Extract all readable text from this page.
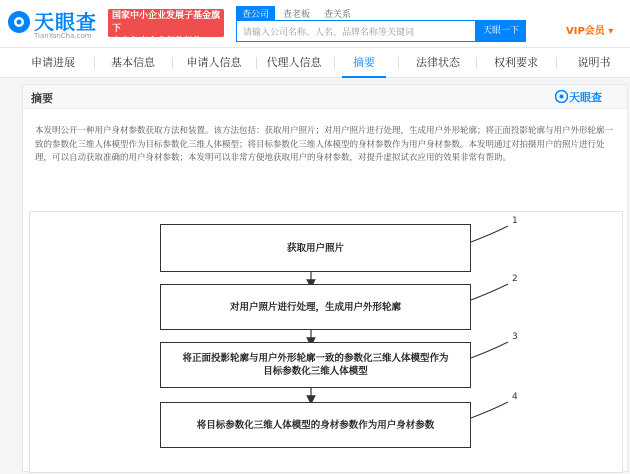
天眼查
TianYanCha.com
国家中小企业发展子基金旗下
官方备案企业征信机构
查公司	查老板	查关系
请输入公司名称、人名、品牌名称等关键词	天眼一下	VIP会员 ▾
申请进展	基本信息	申请人信息	代理人信息	摘要	法律状态	权利要求	说明书
摘要	天眼查
本发明公开一种用户身材参数获取方法和装置。该方法包括：获取用户照片；对用户照片进行处理，生成用户外形轮廓；将正面投影轮廓与用户外形轮廓一致的参数化三维人体模型作为目标参数化三维人体模型；将目标参数化三维人体模型的身材参数作为用户身材参数。本发明通过对拍摄用户的照片进行处理，可以自动获取准确的用户身材参数；本发明可以非常方便地获取用户的身材参数，对提升虚拟试衣应用的效果非常有帮助。
获取用户照片
对用户照片进行处理，生成用户外形轮廓
将正面投影轮廓与用户外形轮廓一致的参数化三维人体模型作为目标参数化三维人体模型
将目标参数化三维人体模型的身材参数作为用户身材参数
1
2
3
4
